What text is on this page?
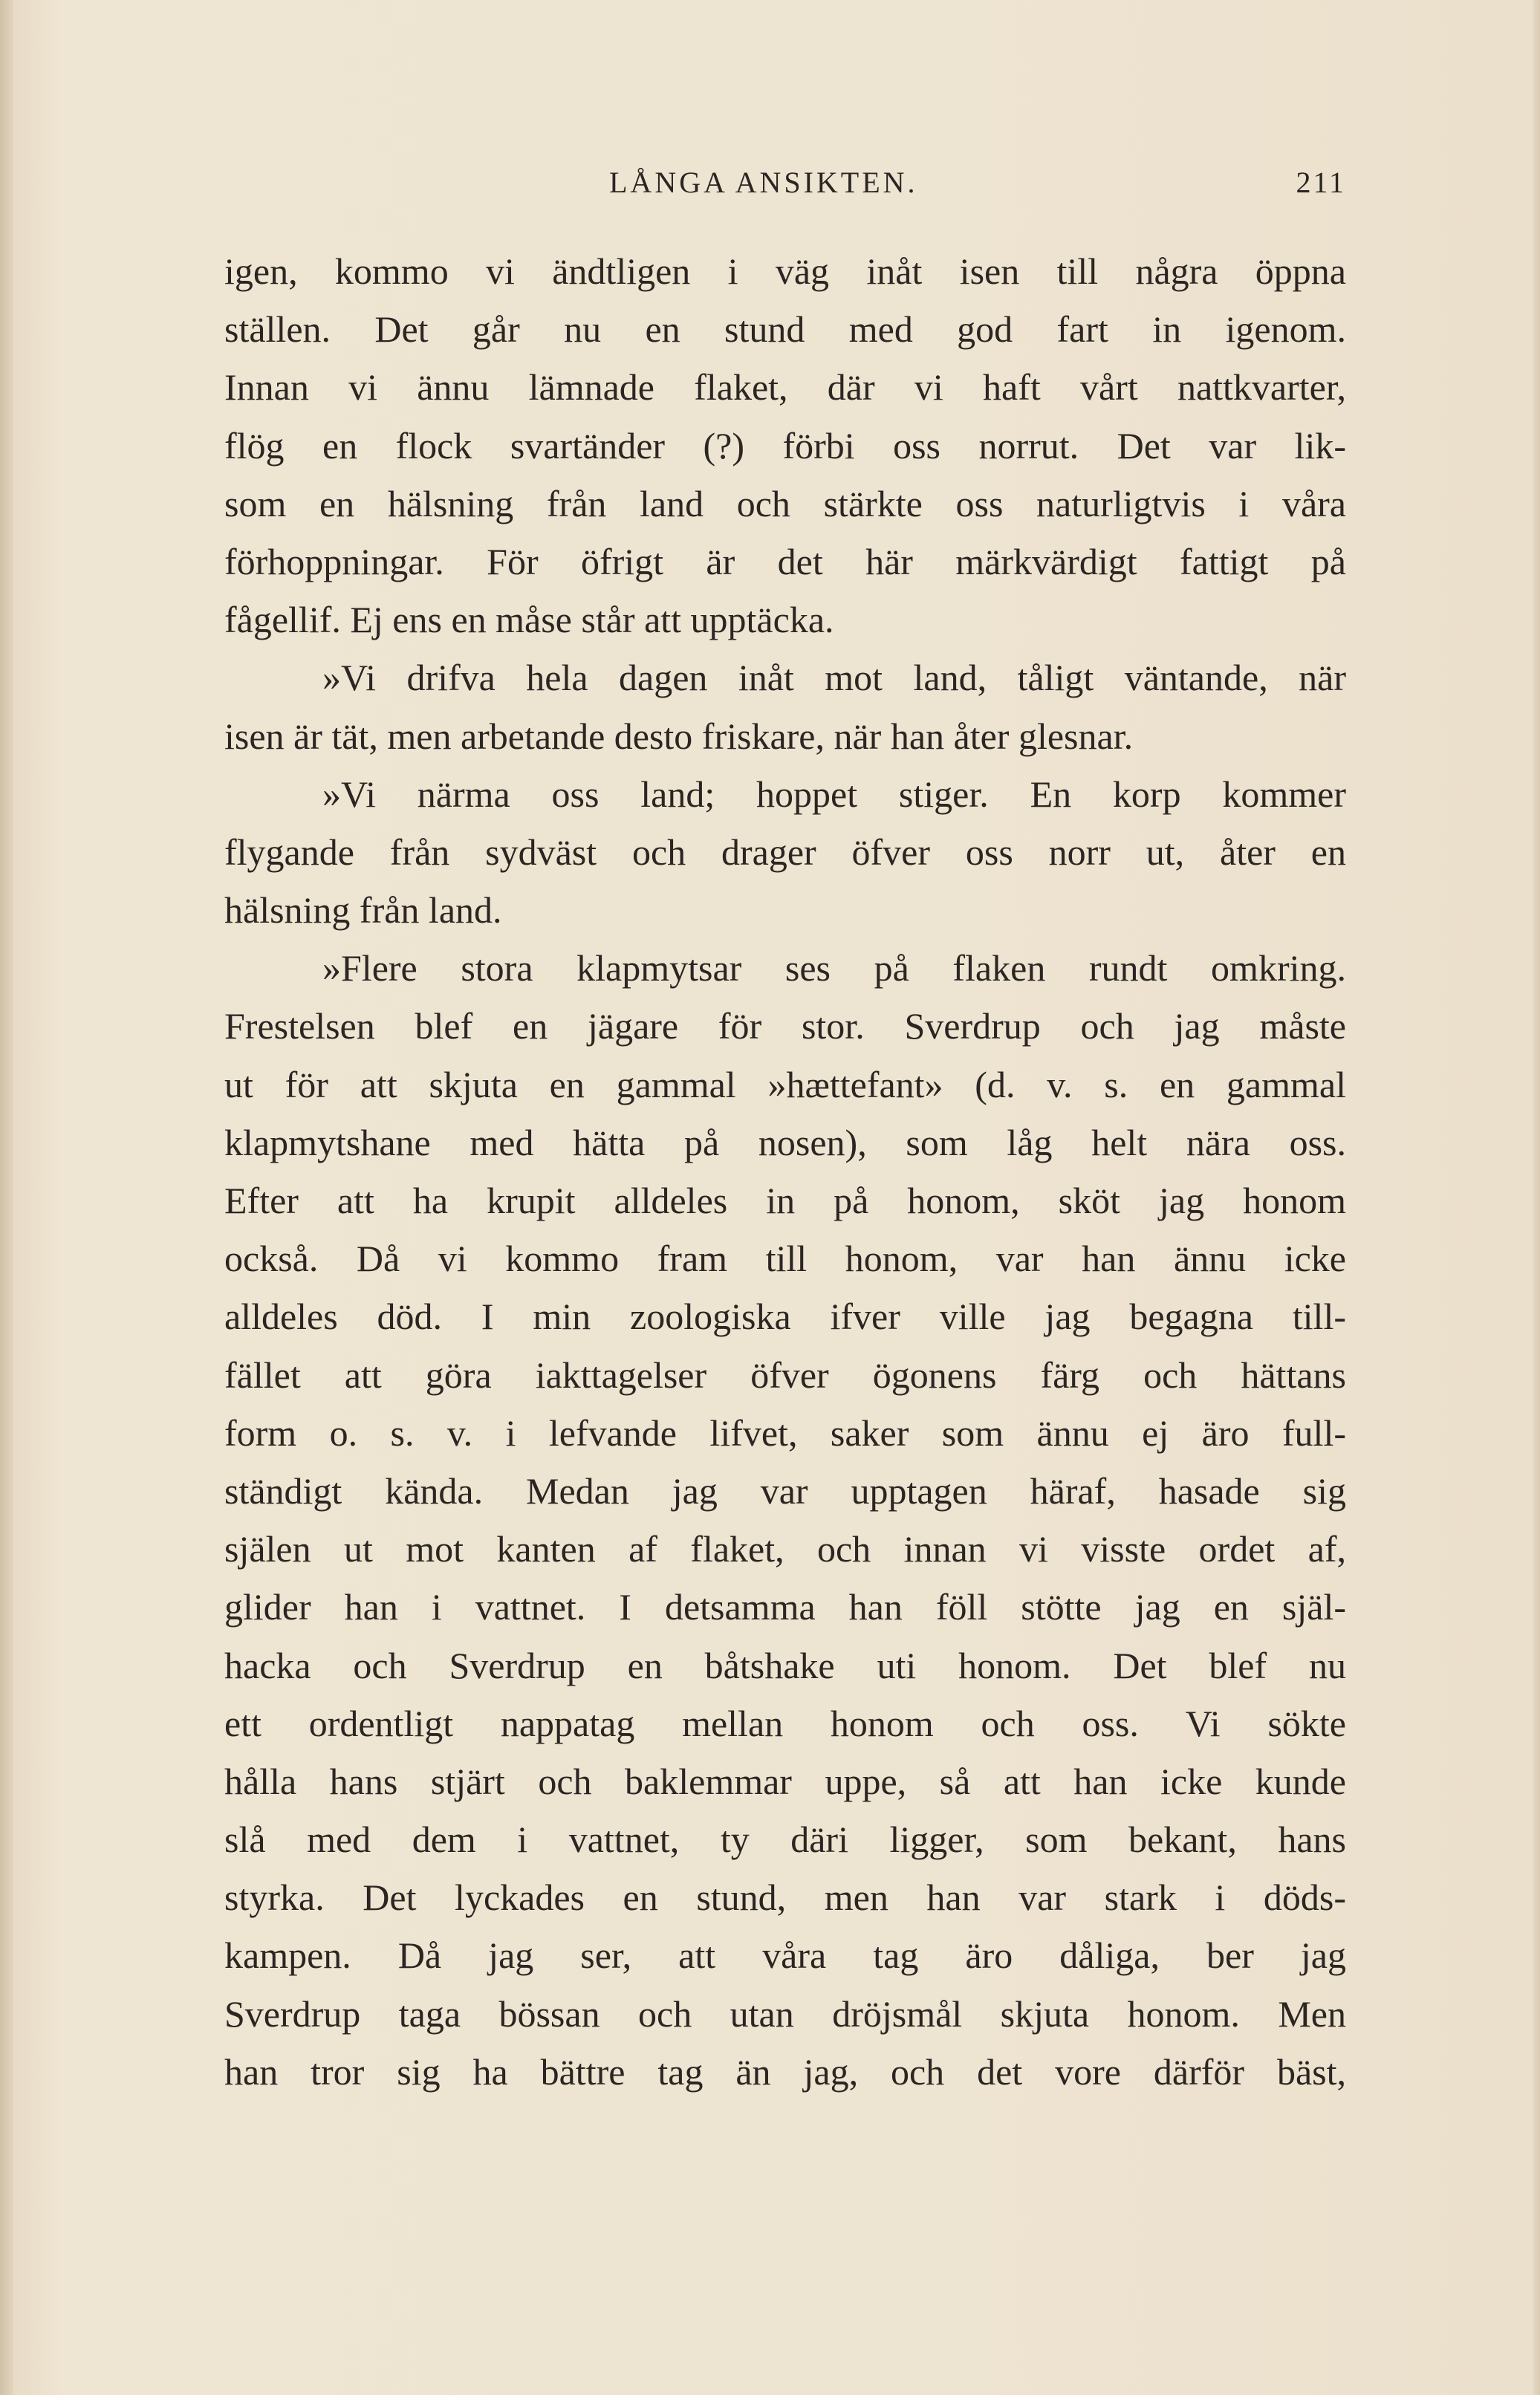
LÅNGA ANSIKTEN.	211
igen, kommo vi ändtligen i väg inåt isen till några öppna
ställen. Det går nu en stund med god fart in igenom.
Innan vi ännu lämnade flaket, där vi haft vårt nattkvarter,
flög en flock svartänder (?) förbi oss norrut. Det var lik-
som en hälsning från land och stärkte oss naturligtvis i våra
förhoppningar. För öfrigt är det här märkvärdigt fattigt på
fågellif. Ej ens en måse står att upptäcka.
»Vi drifva hela dagen inåt mot land, tåligt väntande, när
isen är tät, men arbetande desto friskare, när han åter glesnar.
»Vi närma oss land; hoppet stiger. En korp kommer
flygande från sydväst och drager öfver oss norr ut, åter en
hälsning från land.
»Flere stora klapmytsar ses på flaken rundt omkring.
Frestelsen blef en jägare för stor. Sverdrup och jag måste
ut för att skjuta en gammal »hættefant» (d. v. s. en gammal
klapmytshane med hätta på nosen), som låg helt nära oss.
Efter att ha krupit alldeles in på honom, sköt jag honom
också. Då vi kommo fram till honom, var han ännu icke
alldeles död. I min zoologiska ifver ville jag begagna till-
fället att göra iakttagelser öfver ögonens färg och hättans
form o. s. v. i lefvande lifvet, saker som ännu ej äro full-
ständigt kända. Medan jag var upptagen häraf, hasade sig
själen ut mot kanten af flaket, och innan vi visste ordet af,
glider han i vattnet. I detsamma han föll stötte jag en själ-
hacka och Sverdrup en båtshake uti honom. Det blef nu
ett ordentligt nappatag mellan honom och oss. Vi sökte
hålla hans stjärt och baklemmar uppe, så att han icke kunde
slå med dem i vattnet, ty däri ligger, som bekant, hans
styrka. Det lyckades en stund, men han var stark i döds-
kampen. Då jag ser, att våra tag äro dåliga, ber jag
Sverdrup taga bössan och utan dröjsmål skjuta honom. Men
han tror sig ha bättre tag än jag, och det vore därför bäst,
